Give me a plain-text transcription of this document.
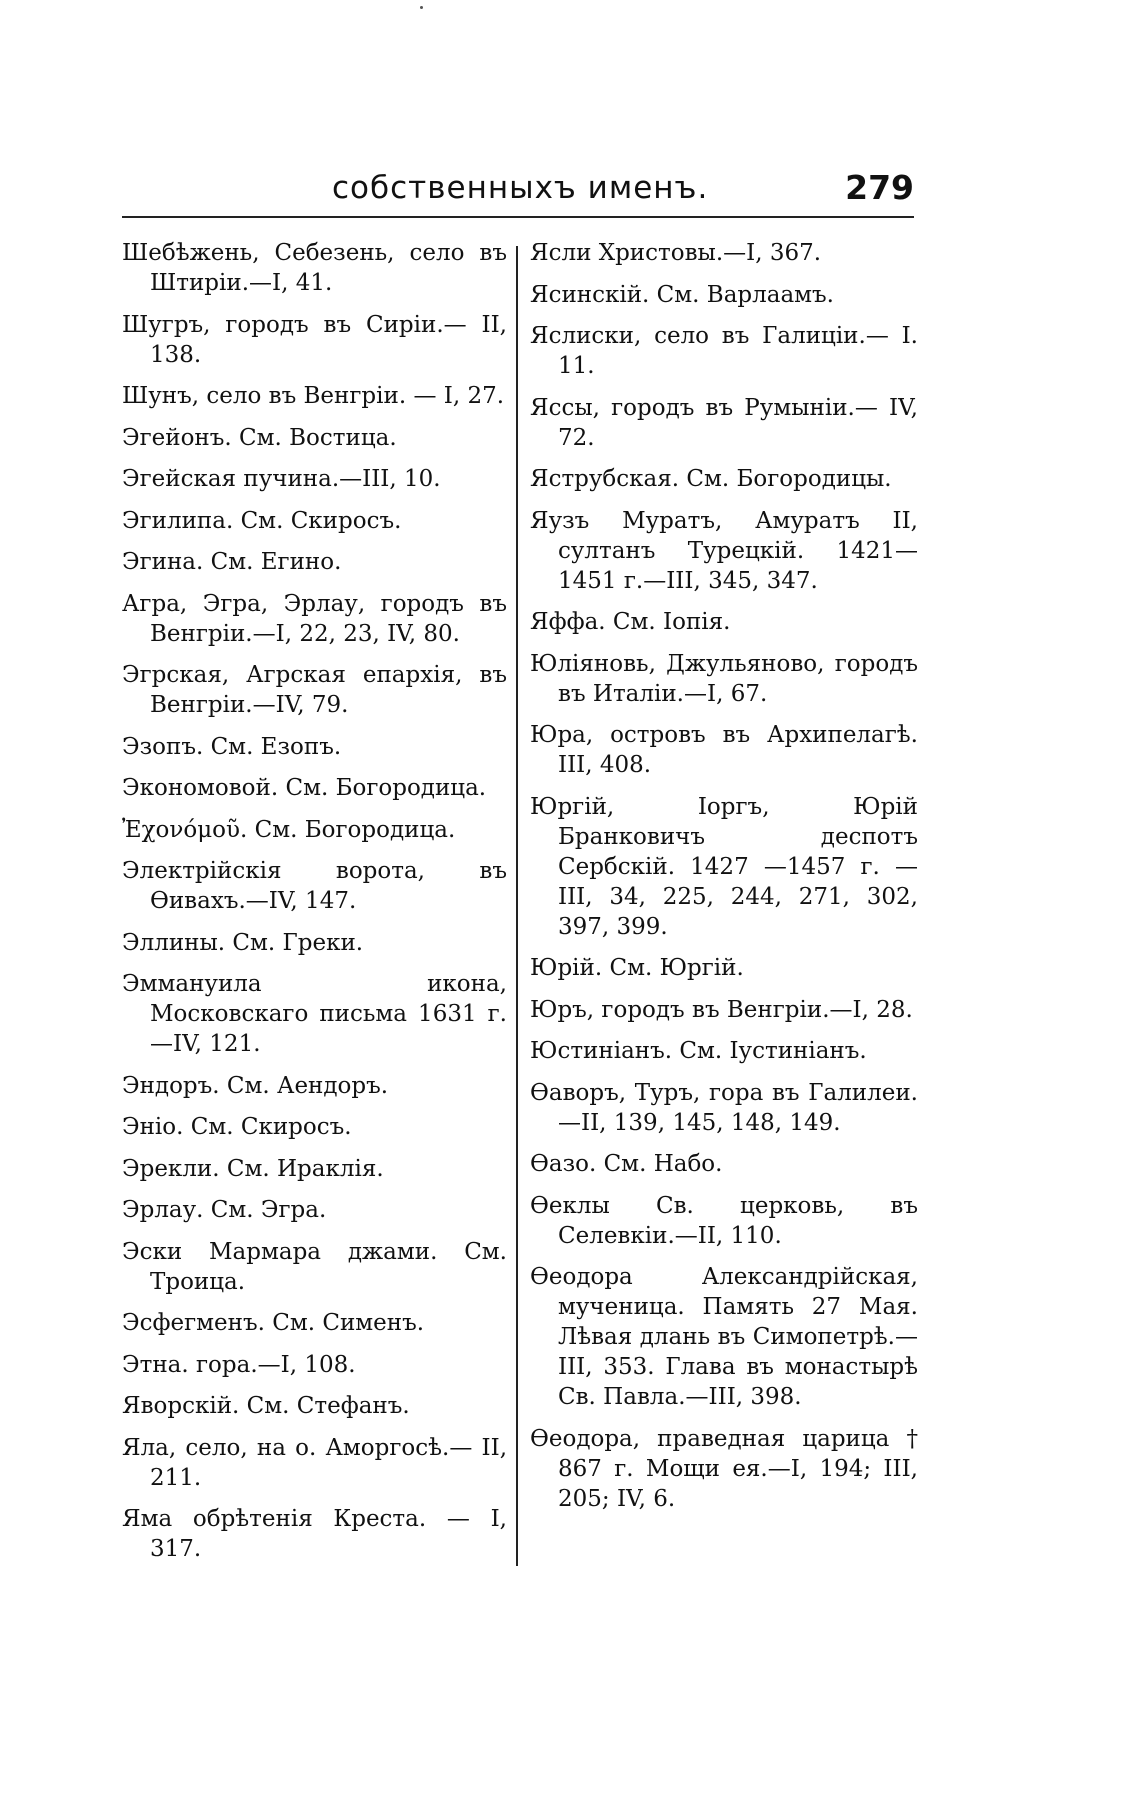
собственныхъ именъ.	279

Шебѣжень, Себезень, село въ Штиріи.—I, 41.

Шугръ, городъ въ Сиріи.— II, 138.

Шунъ, село въ Венгріи. — I, 27.

Эгейонъ. См. Востица.

Эгейская пучина.—III, 10.

Эгилипа. См. Скиросъ.

Эгина. См. Егино.

Агра, Эгра, Эрлау, городъ въ Венгріи.—I, 22, 23, IV, 80.

Эгрская, Агрская епархія, въ Венгріи.—IV, 79.

Эзопъ. См. Езопъ.

Экономовой. См. Богородица.

Ἐχονόμοῦ. См. Богородица.

Электрійскія ворота, въ Ѳивахъ.—IV, 147.

Эллины. См. Греки.

Эммануила икона, Московскаго письма 1631 г.—IV, 121.

Эндоръ. См. Аендоръ.

Эніо. См. Скиросъ.

Эрекли. См. Ираклія.

Эрлау. См. Эгра.

Эски Мармара джами. См. Троица.

Эсфегменъ. См. Сименъ.

Этна. гора.—I, 108.

Яворскій. См. Стефанъ.

Яла, село, на о. Аморгосѣ.— II, 211.

Яма обрѣтенія Креста. — I, 317.

Ясли Христовы.—I, 367.

Ясинскій. См. Варлаамъ.

Яслиски, село въ Галиціи.— I. 11.

Яссы, городъ въ Румыніи.— IV, 72.

Яструбская. См. Богородицы.

Яузъ Муратъ, Амуратъ II, султанъ Турецкій. 1421— 1451 г.—III, 345, 347.

Яффа. См. Іопія.

Юліяновь, Джульяново, городъ въ Италіи.—I, 67.

Юра, островъ въ Архипелагѣ. III, 408.

Юргій, Іоргъ, Юрій Бранковичъ деспотъ Сербскій. 1427 —1457 г. — III, 34, 225, 244, 271, 302, 397, 399.

Юрій. См. Юргій.

Юръ, городъ въ Венгріи.—I, 28.

Юстиніанъ. См. Іустиніанъ.

Ѳаворъ, Туръ, гора въ Галилеи.—II, 139, 145, 148, 149.

Ѳазо. См. Набо.

Ѳеклы Св. церковь, въ Селевкіи.—II, 110.

Ѳеодора Александрійская, мученица. Память 27 Мая. Лѣвая длань въ Симопетрѣ.— III, 353. Глава въ монастырѣ Св. Павла.—III, 398.

Ѳеодора, праведная царица † 867 г. Мощи ея.—I, 194; III, 205; IV, 6.
